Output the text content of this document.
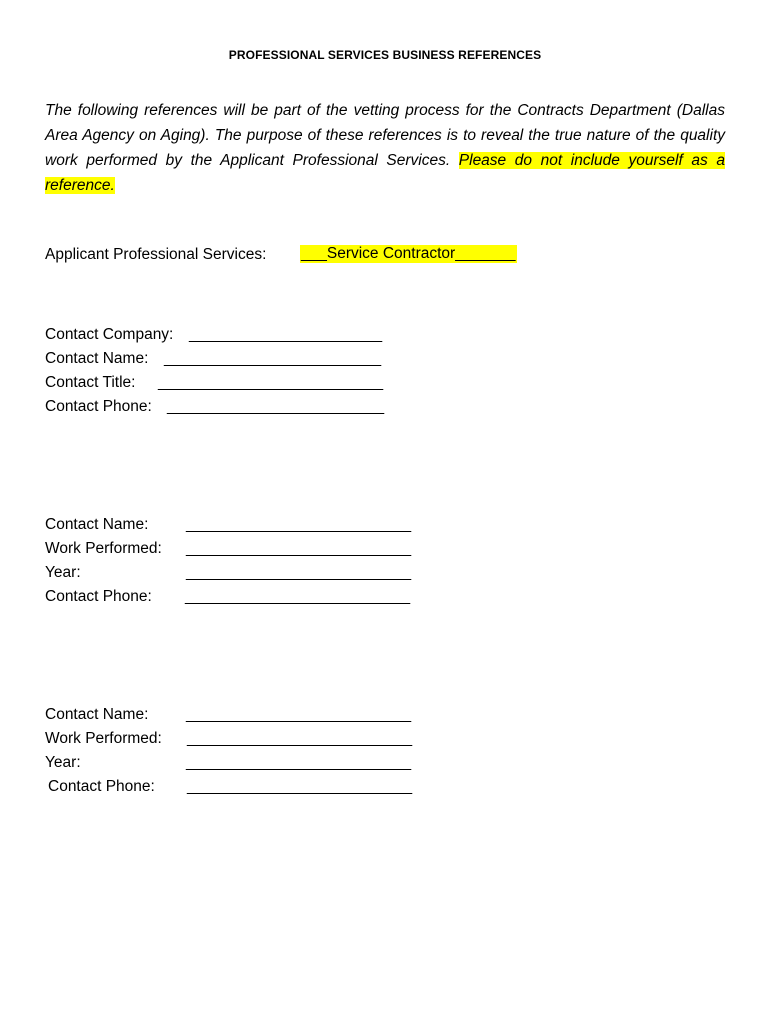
PROFESSIONAL SERVICES BUSINESS REFERENCES
The following references will be part of the vetting process for the Contracts Department (Dallas Area Agency on Aging). The purpose of these references is to reveal the true nature of the quality work performed by the Applicant Professional Services. Please do not include yourself as a reference.
Applicant Professional Services: ___Service Contractor_______
Contact Company: ________________________
Contact Name: ___________________________
Contact Title: ____________________________
Contact Phone: ___________________________
Contact Name: ____________________________
Work Performed: ____________________________
Year:	____________________________
Contact Phone: ____________________________
Contact Name: ____________________________
Work Performed: ____________________________
Year:	____________________________
Contact Phone: ____________________________
